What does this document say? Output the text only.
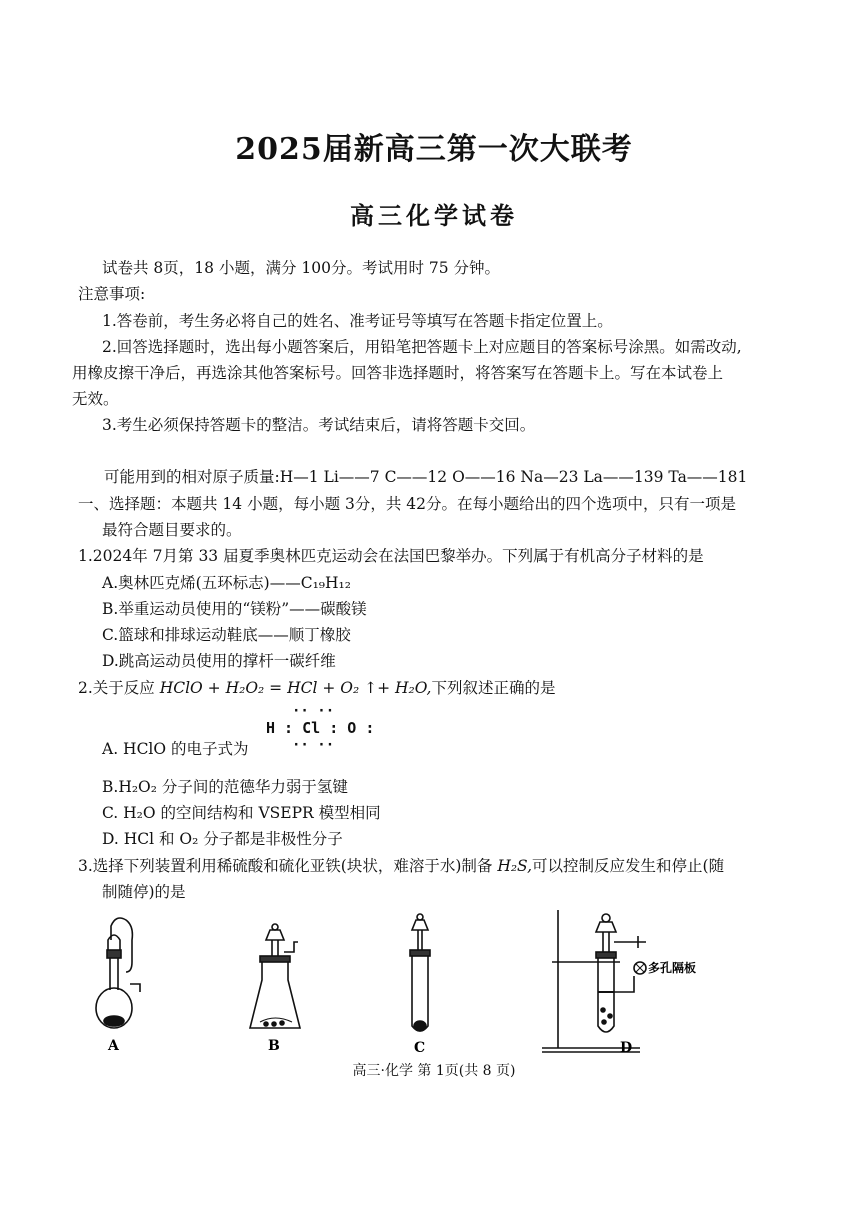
2025届新高三第一次大联考
高三化学试卷
试卷共 8页，18 小题，满分 100分。考试用时 75 分钟。
注意事项:
1.答卷前，考生务必将自己的姓名、准考证号等填写在答题卡指定位置上。
2.回答选择题时，选出每小题答案后，用铅笔把答题卡上对应题目的答案标号涂黑。如需改动,
用橡皮擦干净后，再选涂其他答案标号。回答非选择题时，将答案写在答题卡上。写在本试卷上
无效。
3.考生必须保持答题卡的整洁。考试结束后，请将答题卡交回。
可能用到的相对原子质量:H—1 Li——7 C——12 O——16 Na—23 La——139 Ta——181
一、选择题：本题共 14 小题，每小题 3分，共 42分。在每小题给出的四个选项中，只有一项是
最符合题目要求的。
1.2024年 7月第 33 届夏季奥林匹克运动会在法国巴黎举办。下列属于有机高分子材料的是
A.奥林匹克烯(五环标志)——C₁₉H₁₂
B.举重运动员使用的“镁粉”——碳酸镁
C.篮球和排球运动鞋底——顺丁橡胶
D.跳高运动员使用的撑杆一碳纤维
2.关于反应 HClO + H₂O₂ = HCl + O₂ ↑+ H₂O,下列叙述正确的是
A. HClO 的电子式为
·· ··
H : Cl : O :
·· ··
B.H₂O₂ 分子间的范德华力弱于氢键
C. H₂O 的空间结构和 VSEPR 模型相同
D. HCl 和 O₂ 分子都是非极性分子
3.选择下列装置利用稀硫酸和硫化亚铁(块状，难溶于水)制备 H₂S,可以控制反应发生和停止(随
制随停)的是
A	B	C	D
多孔隔板
高三·化学 第 1页(共 8 页)
